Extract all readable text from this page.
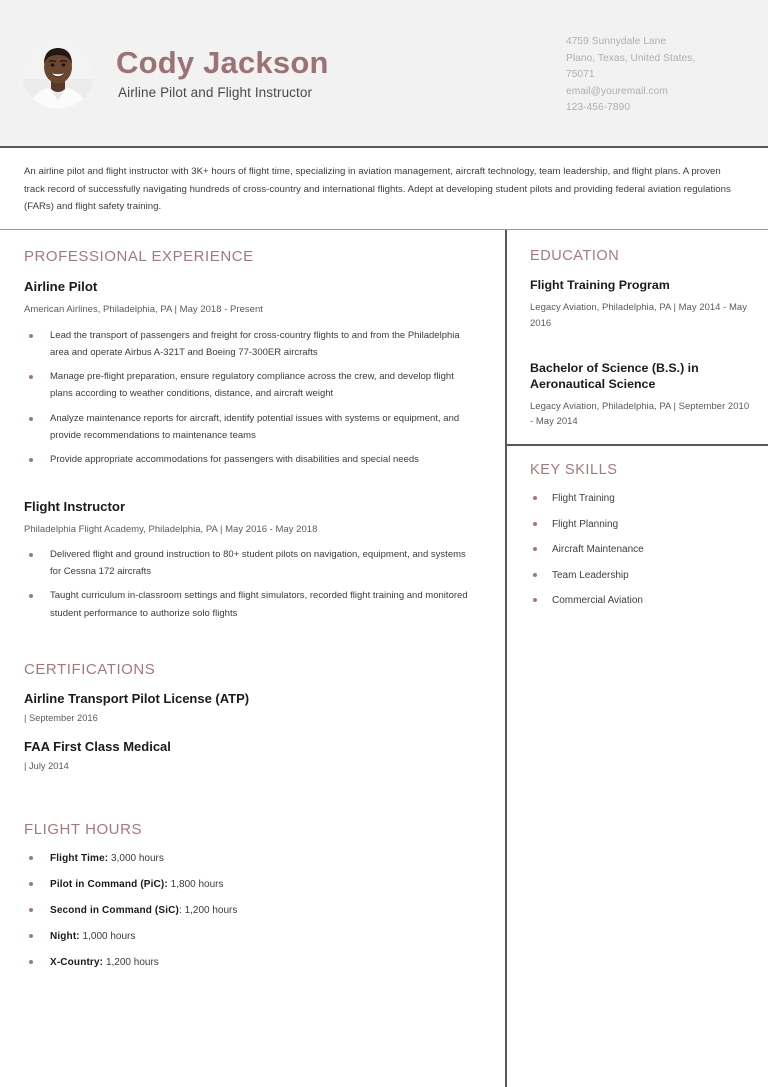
Cody Jackson
Airline Pilot and Flight Instructor
4759 Sunnydale Lane
Plano, Texas, United States,
75071
email@youremail.com
123-456-7890
An airline pilot and flight instructor with 3K+ hours of flight time, specializing in aviation management, aircraft technology, team leadership, and flight plans. A proven track record of successfully navigating hundreds of cross-country and international flights. Adept at developing student pilots and providing federal aviation regulations (FARs) and flight safety training.
PROFESSIONAL EXPERIENCE
Airline Pilot
American Airlines, Philadelphia, PA | May 2018 - Present
Lead the transport of passengers and freight for cross-country flights to and from the Philadelphia area and operate Airbus A-321T and Boeing 77-300ER aircrafts
Manage pre-flight preparation, ensure regulatory compliance across the crew, and develop flight plans according to weather conditions, distance, and aircraft weight
Analyze maintenance reports for aircraft, identify potential issues with systems or equipment, and provide recommendations to maintenance teams
Provide appropriate accommodations for passengers with disabilities and special needs
Flight Instructor
Philadelphia Flight Academy, Philadelphia, PA | May 2016 - May 2018
Delivered flight and ground instruction to 80+ student pilots on navigation, equipment, and systems for Cessna 172 aircrafts
Taught curriculum in-classroom settings and flight simulators, recorded flight training and monitored student performance to authorize solo flights
CERTIFICATIONS
Airline Transport Pilot License (ATP)
| September 2016
FAA First Class Medical
| July 2014
FLIGHT HOURS
Flight Time: 3,000 hours
Pilot in Command (PiC): 1,800 hours
Second in Command (SiC): 1,200 hours
Night: 1,000 hours
X-Country: 1,200 hours
EDUCATION
Flight Training Program
Legacy Aviation, Philadelphia, PA | May 2014 - May 2016
Bachelor of Science (B.S.) in Aeronautical Science
Legacy Aviation, Philadelphia, PA | September 2010 - May 2014
KEY SKILLS
Flight Training
Flight Planning
Aircraft Maintenance
Team Leadership
Commercial Aviation
